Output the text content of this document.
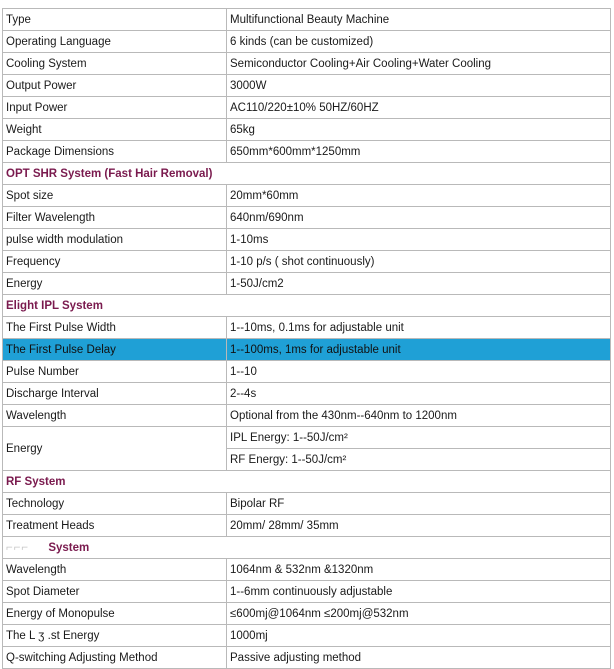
Type	Multifunctional Beauty Machine
Operating Language	6 kinds (can be customized)
Cooling System	Semiconductor Cooling+Air Cooling+Water Cooling
Output Power	3000W
Input Power	AC110/220±10% 50HZ/60HZ
Weight	65kg
Package Dimensions	650mm*600mm*1250mm
OPT SHR System (Fast Hair Removal)	
Spot size	20mm*60mm
Filter Wavelength	640nm/690nm
pulse width modulation	1-10ms
Frequency	1-10 p/s ( shot continuously)
Energy	1-50J/cm2
Elight IPL System	
The First Pulse Width	1--10ms, 0.1ms for adjustable unit
The First Pulse Delay	1--100ms, 1ms for adjustable unit
Pulse Number	1--10
Discharge Interval	2--4s
Wavelength	Optional from the 430nm--640nm to 1200nm
Energy	IPL Energy: 1--50J/cm²
	RF Energy: 1--50J/cm²
RF System	
Technology	Bipolar RF
Treatment Heads	20mm/ 28mm/ 35mm
⌐⌐⌐ System	
Wavelength	1064nm & 532nm &1320nm
Spot Diameter	1--6mm continuously adjustable
Energy of Monopulse	≤600mj@1064nm ≤200mj@532nm
The L ʒ .st Energy	1000mj
Q-switching Adjusting Method	Passive adjusting method
